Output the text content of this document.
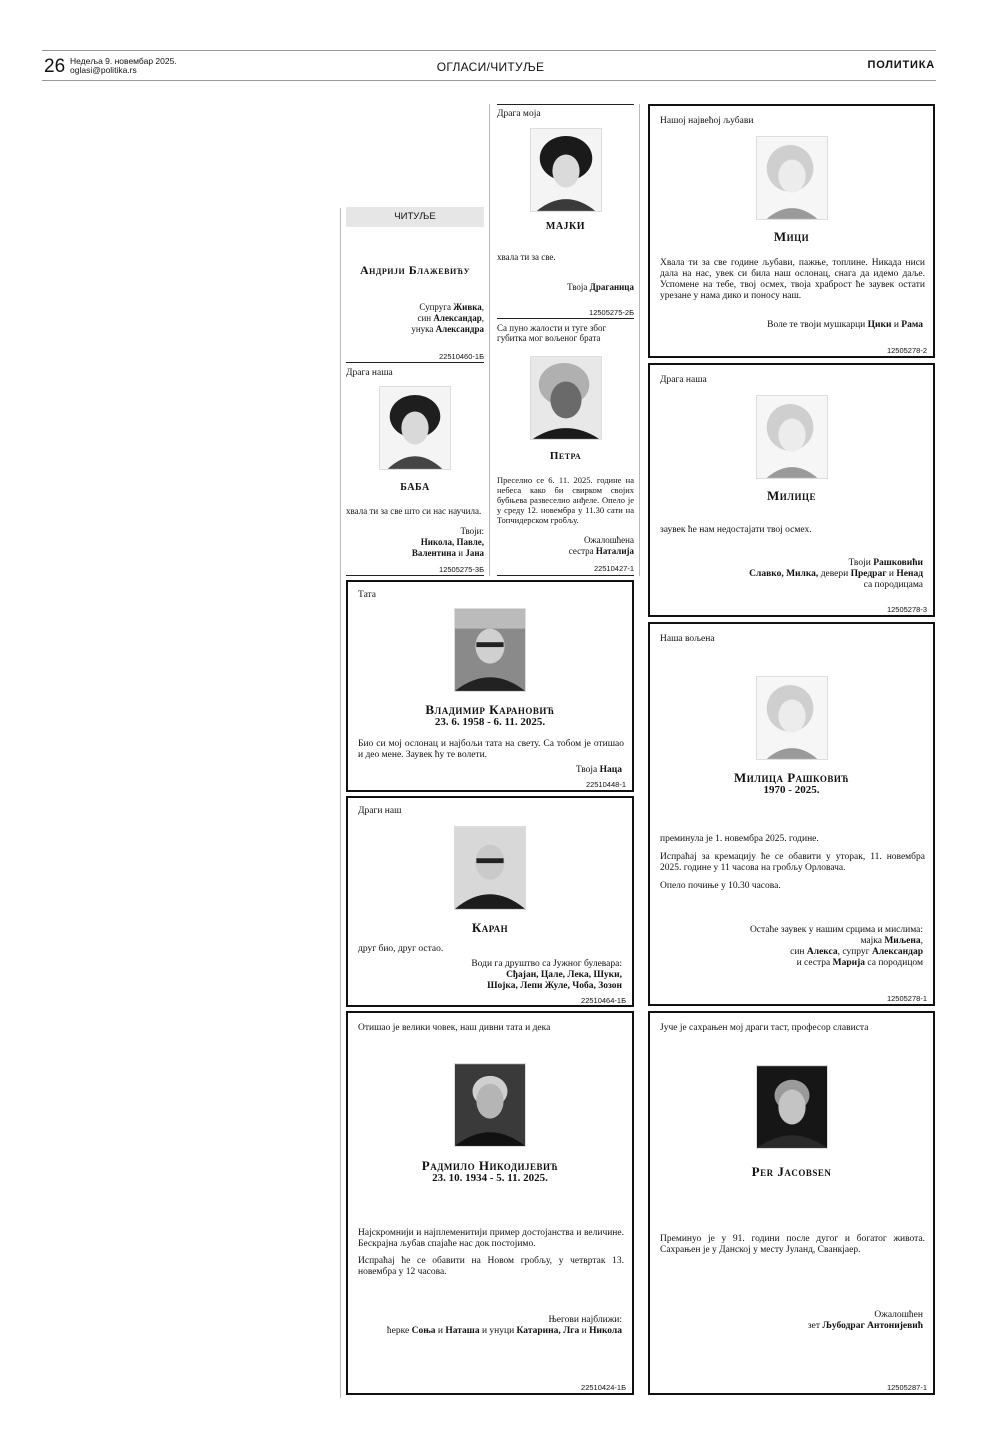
26 Недеља 9. новембар 2025.
oglasi@politika.rs	ОГЛАСИ/ЧИТУЉЕ	ПОЛИТИКА
ЧИТУЉЕ
Андрији Блажевићу
Супруга Живка,
син Александар,
унука Александра
22510460-1Б
Драга наша
БАБА
хвала ти за све што си нас научила.
Твоји:
Никола, Павле,
Валентина и Јана
12505275-3Б
Драга моја
МАЈКИ
хвала ти за све.
Твоја Драганица
12505275-2Б
Са пуно жалости и туге због губитка мог вољеног брата
Петра
Преселио се 6. 11. 2025. године на небеса како би свирком својих бубњева развеселио анђеле. Опело је у среду 12. новембра у 11.30 сати на Топчидерском гробљу.
Ожалошћена
сестра Наталија
22510427-1
Нашој највећој љубави
Мици
Хвала ти за све године љубави, пажње, топлине. Никада ниси дала на нас, увек си била наш ослонац, снага да идемо даље. Успомене на тебе, твој осмех, твоја храброст ће заувек остати урезане у нама дико и поносу наш.
Воле те твоји мушкарци Цики и Рама
12505278-2
Драга наша
Милице
заувек ће нам недостајати твој осмех.
Твоји Рашковићи
Славко, Милка, девери Предраг и Ненад
са породицама
12505278-3
Тата
Владимир Карановић
23. 6. 1958 - 6. 11. 2025.
Био си мој ослонац и најбољи тата на свету. Са тобом је отишао и део мене. Заувек ћу те волети.
Твоја Наца
22510448-1
Драги наш
Каран
друг био, друг остао.
Води га друштво са Јужног булевара:
Сђајан, Цале, Лека, Шуки,
Шојка, Лепи Жуле, Чоба, Зозон
22510464-1Б
Наша вољена
Милица Рашковић
1970 - 2025.
преминула је 1. новембра 2025. године.
Испраћај за кремацију ће се обавити у уторак, 11. новембра 2025. године у 11 часова на гробљу Орловача.
Опело почиње у 10.30 часова.
Остаће заувек у нашим срцима и мислима:
мајка Миљена,
син Алекса, супруг Александар
и сестра Марија са породицом
12505278-1
Отишао је велики човек, наш дивни тата и дека
Радмило Никодијевић
23. 10. 1934 - 5. 11. 2025.
Најскромнији и најплеменитији пример достојанства и величине. Бескрајна љубав спајаће нас док постојимо.
Испраћај ће се обавити на Новом гробљу, у четвртак 13. новембра у 12 часова.
Његови најближи:
ћерке Соња и Наташа и унуци Катарина, Лга и Никола
22510424-1Б
Јуче је сахрањен мој драги таст, професор слависта
Per Jacobsen
Преминуо је у 91. години после дугог и богатог живота. Сахрањен је у Данској у месту Јуланд, Сванкјаер.
Ожалошћен
зет Љубодраг Антонијевић
12505287-1
